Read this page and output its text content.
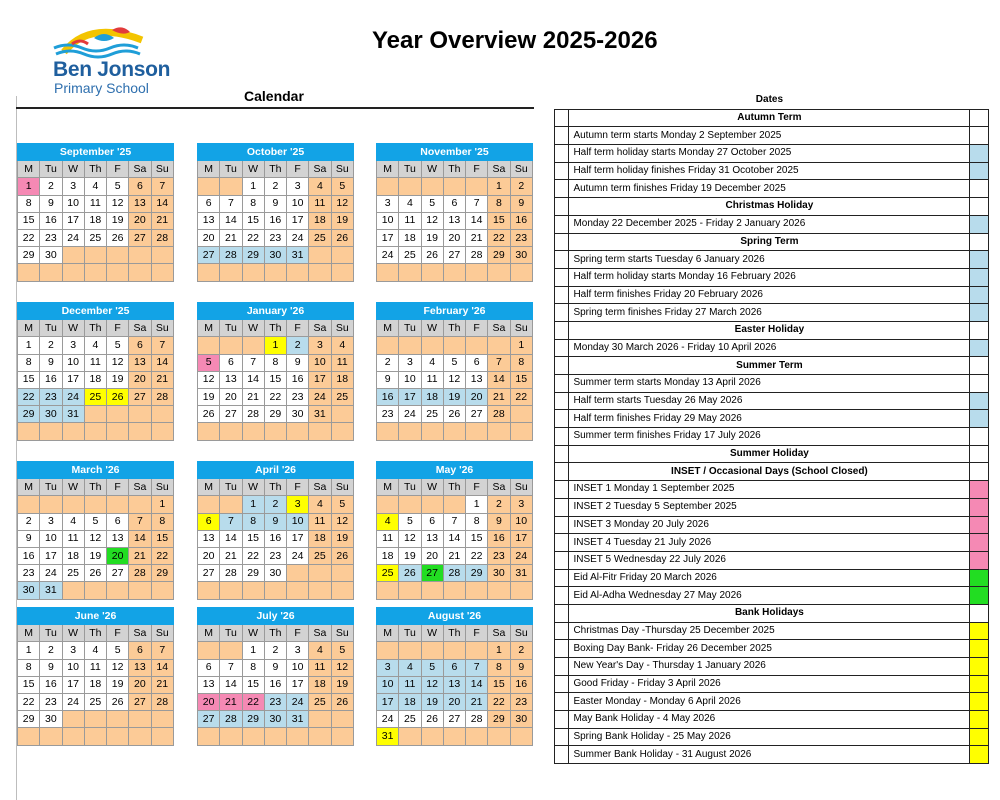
Ben Jonson
Primary School
Year Overview 2025-2026
Calendar
September '25						
M	Tu	W	Th	F	Sa	Su
1	2	3	4	5	6	7
8	9	10	11	12	13	14
15	16	17	18	19	20	21
22	23	24	25	26	27	28
29	30					

October '25						
M	Tu	W	Th	F	Sa	Su
		1	2	3	4	5
6	7	8	9	10	11	12
13	14	15	16	17	18	19
20	21	22	23	24	25	26
27	28	29	30	31		

November '25						
M	Tu	W	Th	F	Sa	Su
					1	2
3	4	5	6	7	8	9
10	11	12	13	14	15	16
17	18	19	20	21	22	23
24	25	26	27	28	29	30

December '25						
M	Tu	W	Th	F	Sa	Su
1	2	3	4	5	6	7
8	9	10	11	12	13	14
15	16	17	18	19	20	21
22	23	24	25	26	27	28
29	30	31				

January '26						
M	Tu	W	Th	F	Sa	Su
			1	2	3	4
5	6	7	8	9	10	11
12	13	14	15	16	17	18
19	20	21	22	23	24	25
26	27	28	29	30	31	

February '26						
M	Tu	W	Th	F	Sa	Su
						1
2	3	4	5	6	7	8
9	10	11	12	13	14	15
16	17	18	19	20	21	22
23	24	25	26	27	28	

March '26						
M	Tu	W	Th	F	Sa	Su
						1
2	3	4	5	6	7	8
9	10	11	12	13	14	15
16	17	18	19	20	21	22
23	24	25	26	27	28	29
30	31					
April '26						
M	Tu	W	Th	F	Sa	Su
		1	2	3	4	5
6	7	8	9	10	11	12
13	14	15	16	17	18	19
20	21	22	23	24	25	26
27	28	29	30			

May '26						
M	Tu	W	Th	F	Sa	Su
				1	2	3
4	5	6	7	8	9	10
11	12	13	14	15	16	17
18	19	20	21	22	23	24
25	26	27	28	29	30	31

June '26						
M	Tu	W	Th	F	Sa	Su
1	2	3	4	5	6	7
8	9	10	11	12	13	14
15	16	17	18	19	20	21
22	23	24	25	26	27	28
29	30					

July '26						
M	Tu	W	Th	F	Sa	Su
		1	2	3	4	5
6	7	8	9	10	11	12
13	14	15	16	17	18	19
20	21	22	23	24	25	26
27	28	29	30	31		

August '26						
M	Tu	W	Th	F	Sa	Su
					1	2
3	4	5	6	7	8	9
10	11	12	13	14	15	16
17	18	19	20	21	22	23
24	25	26	27	28	29	30
31						
	Dates	
	Autumn Term	
	Autumn term starts Monday 2 September 2025	
	Half term holiday starts Monday 27 October 2025	
	Half term holiday finishes Friday 31 Ocotober 2025	
	Autumn term finishes Friday 19 December 2025	
	Christmas Holiday	
	Monday 22 December 2025 - Friday 2 January 2026	
	Spring Term	
	Spring term starts Tuesday 6 January 2026	
	Half term holiday starts Monday 16 February 2026	
	Half term finishes Friday 20 February 2026	
	Spring term finishes Friday 27 March 2026	
	Easter Holiday	
	Monday 30 March 2026 - Friday 10 April 2026	
	Summer Term	
	Summer term starts Monday 13 April 2026	
	Half term starts Tuesday 26 May 2026	
	Half term finishes Friday 29 May 2026	
	Summer term finishes Friday 17 July 2026	
	Summer Holiday	
	INSET / Occasional Days (School Closed)	
	INSET 1 Monday 1 September 2025	
	INSET 2 Tuesday 5 September 2025	
	INSET 3 Monday 20 July 2026	
	INSET 4 Tuesday 21 July 2026	
	INSET 5 Wednesday 22 July 2026	
	Eid Al-Fitr Friday 20 March 2026	
	Eid Al-Adha Wednesday 27 May 2026	
	Bank Holidays	
	Christmas Day -Thursday 25 December 2025	
	Boxing Day Bank- Friday 26 December 2025	
	New Year's Day - Thursday 1 January 2026	
	Good Friday - Friday 3 April 2026	
	Easter Monday - Monday 6 April 2026	
	May Bank Holiday - 4 May 2026	
	Spring Bank Holiday - 25 May 2026	
	Summer Bank Holiday - 31 August 2026	
